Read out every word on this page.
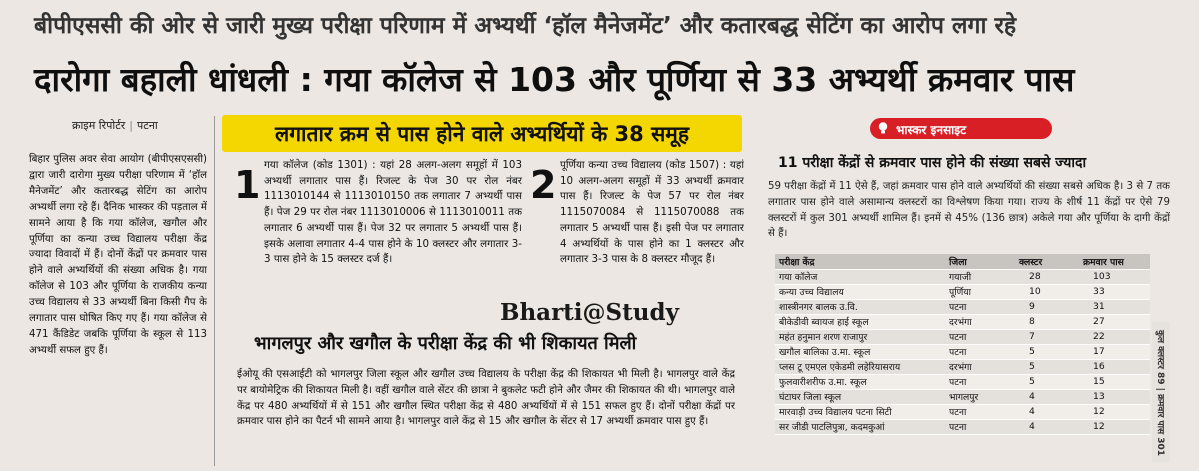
बीपीएससी की ओर से जारी मुख्य परीक्षा परिणाम में अभ्यर्थी ‘हॉल मैनेजमेंट’ और कतारबद्ध सेटिंग का आरोप लगा रहे
दारोगा बहाली धांधली : गया कॉलेज से 103 और पूर्णिया से 33 अभ्यर्थी क्रमवार पास
क्राइम रिपोर्टर | पटना
बिहार पुलिस अवर सेवा आयोग (बीपीएसएससी) द्वारा जारी दारोगा मुख्य परीक्षा परिणाम में ‘हॉल मैनेजमेंट’ और कतारबद्ध सेटिंग का आरोप अभ्यर्थी लगा रहे हैं। दैनिक भास्कर की पड़ताल में सामने आया है कि गया कॉलेज, खगौल और पूर्णिया का कन्या उच्च विद्यालय परीक्षा केंद्र ज्यादा विवादों में हैं। दोनों केंद्रों पर क्रमवार पास होने वाले अभ्यर्थियों की संख्या अधिक है। गया कॉलेज से 103 और पूर्णिया के राजकीय कन्या उच्च विद्यालय से 33 अभ्यर्थी बिना किसी गैप के लगातार पास घोषित किए गए हैं। गया कॉलेज से 471 कैंडिडेट जबकि पूर्णिया के स्कूल से 113 अभ्यर्थी सफल हुए हैं।
लगातार क्रम से पास होने वाले अभ्यर्थियों के 38 समूह
1 गया कॉलेज (कोड 1301) : यहां 28 अलग-अलग समूहों में 103 अभ्यर्थी लगातार पास हैं। रिजल्ट के पेज 30 पर रोल नंबर 1113010144 से 1113010150 तक लगातार 7 अभ्यर्थी पास हैं। पेज 29 पर रोल नंबर 1113010006 से 1113010011 तक लगातार 6 अभ्यर्थी पास हैं। पेज 32 पर लगातार 5 अभ्यर्थी पास हैं। इसके अलावा लगातार 4-4 पास होने के 10 क्लस्टर और लगातार 3-3 पास होने के 15 क्लस्टर दर्ज हैं।
2 पूर्णिया कन्या उच्च विद्यालय (कोड 1507) : यहां 10 अलग-अलग समूहों में 33 अभ्यर्थी क्रमवार पास हैं। रिजल्ट के पेज 57 पर रोल नंबर 1115070084 से 1115070088 तक लगातार 5 अभ्यर्थी पास हैं। इसी पेज पर लगातार 4 अभ्यर्थियों के पास होने का 1 क्लस्टर और लगातार 3-3 पास के 8 क्लस्टर मौजूद हैं।
Bharti@Study
भागलपुर और खगौल के परीक्षा केंद्र की भी शिकायत मिली
ईओयू की एसआईटी को भागलपुर जिला स्कूल और खगौल उच्च विद्यालय के परीक्षा केंद्र की शिकायत भी मिली है। भागलपुर वाले केंद्र पर बायोमेट्रिक की शिकायत मिली है। वहीं खगौल वाले सेंटर की छात्रा ने बुकलेट फटी होने और जैमर की शिकायत की थी। भागलपुर वाले केंद्र पर 480 अभ्यर्थियों में से 151 और खगौल स्थित परीक्षा केंद्र से 480 अभ्यर्थियों में से 151 सफल हुए हैं। दोनों परीक्षा केंद्रों पर क्रमवार पास होने का पैटर्न भी सामने आया है। भागलपुर वाले केंद्र से 15 और खगौल के सेंटर से 17 अभ्यर्थी क्रमवार पास हुए हैं।
भास्कर इनसाइट
11 परीक्षा केंद्रों से क्रमवार पास होने की संख्या सबसे ज्यादा
59 परीक्षा केंद्रों में 11 ऐसे हैं, जहां क्रमवार पास होने वाले अभ्यर्थियों की संख्या सबसे अधिक है। 3 से 7 तक लगातार पास होने वाले असामान्य क्लस्टरों का विश्लेषण किया गया। राज्य के शीर्ष 11 केंद्रों पर ऐसे 79 क्लस्टरों में कुल 301 अभ्यर्थी शामिल हैं। इनमें से 45% (136 छात्र) अकेले गया और पूर्णिया के दागी केंद्रों से हैं।
परीक्षा केंद्र	जिला	क्लस्टर	क्रमवार पास
गया कॉलेज	गयाजी	28	103
कन्या उच्च विद्यालय	पूर्णिया	10	33
शास्त्रीनगर बालक उ.वि.	पटना	9	31
बीकेडीवी ब्वायज हाई स्कूल	दरभंगा	8	27
महंत हनुमान शरण राजापुर	पटना	7	22
खगौल बालिका उ.मा. स्कूल	पटना	5	17
प्लस टू एमएल एकेडमी लहेरियासराय	दरभंगा	5	16
फुलवारीशरीफ उ.मा. स्कूल	पटना	5	15
घंटाघर जिला स्कूल	भागलपुर	4	13
मारवाड़ी उच्च विद्यालय पटना सिटी	पटना	4	12
सर जीडी पाटलिपुत्रा, कदमकुआं	पटना	4	12	कुल क्लस्टर 89 | क्रमवार पास 301
